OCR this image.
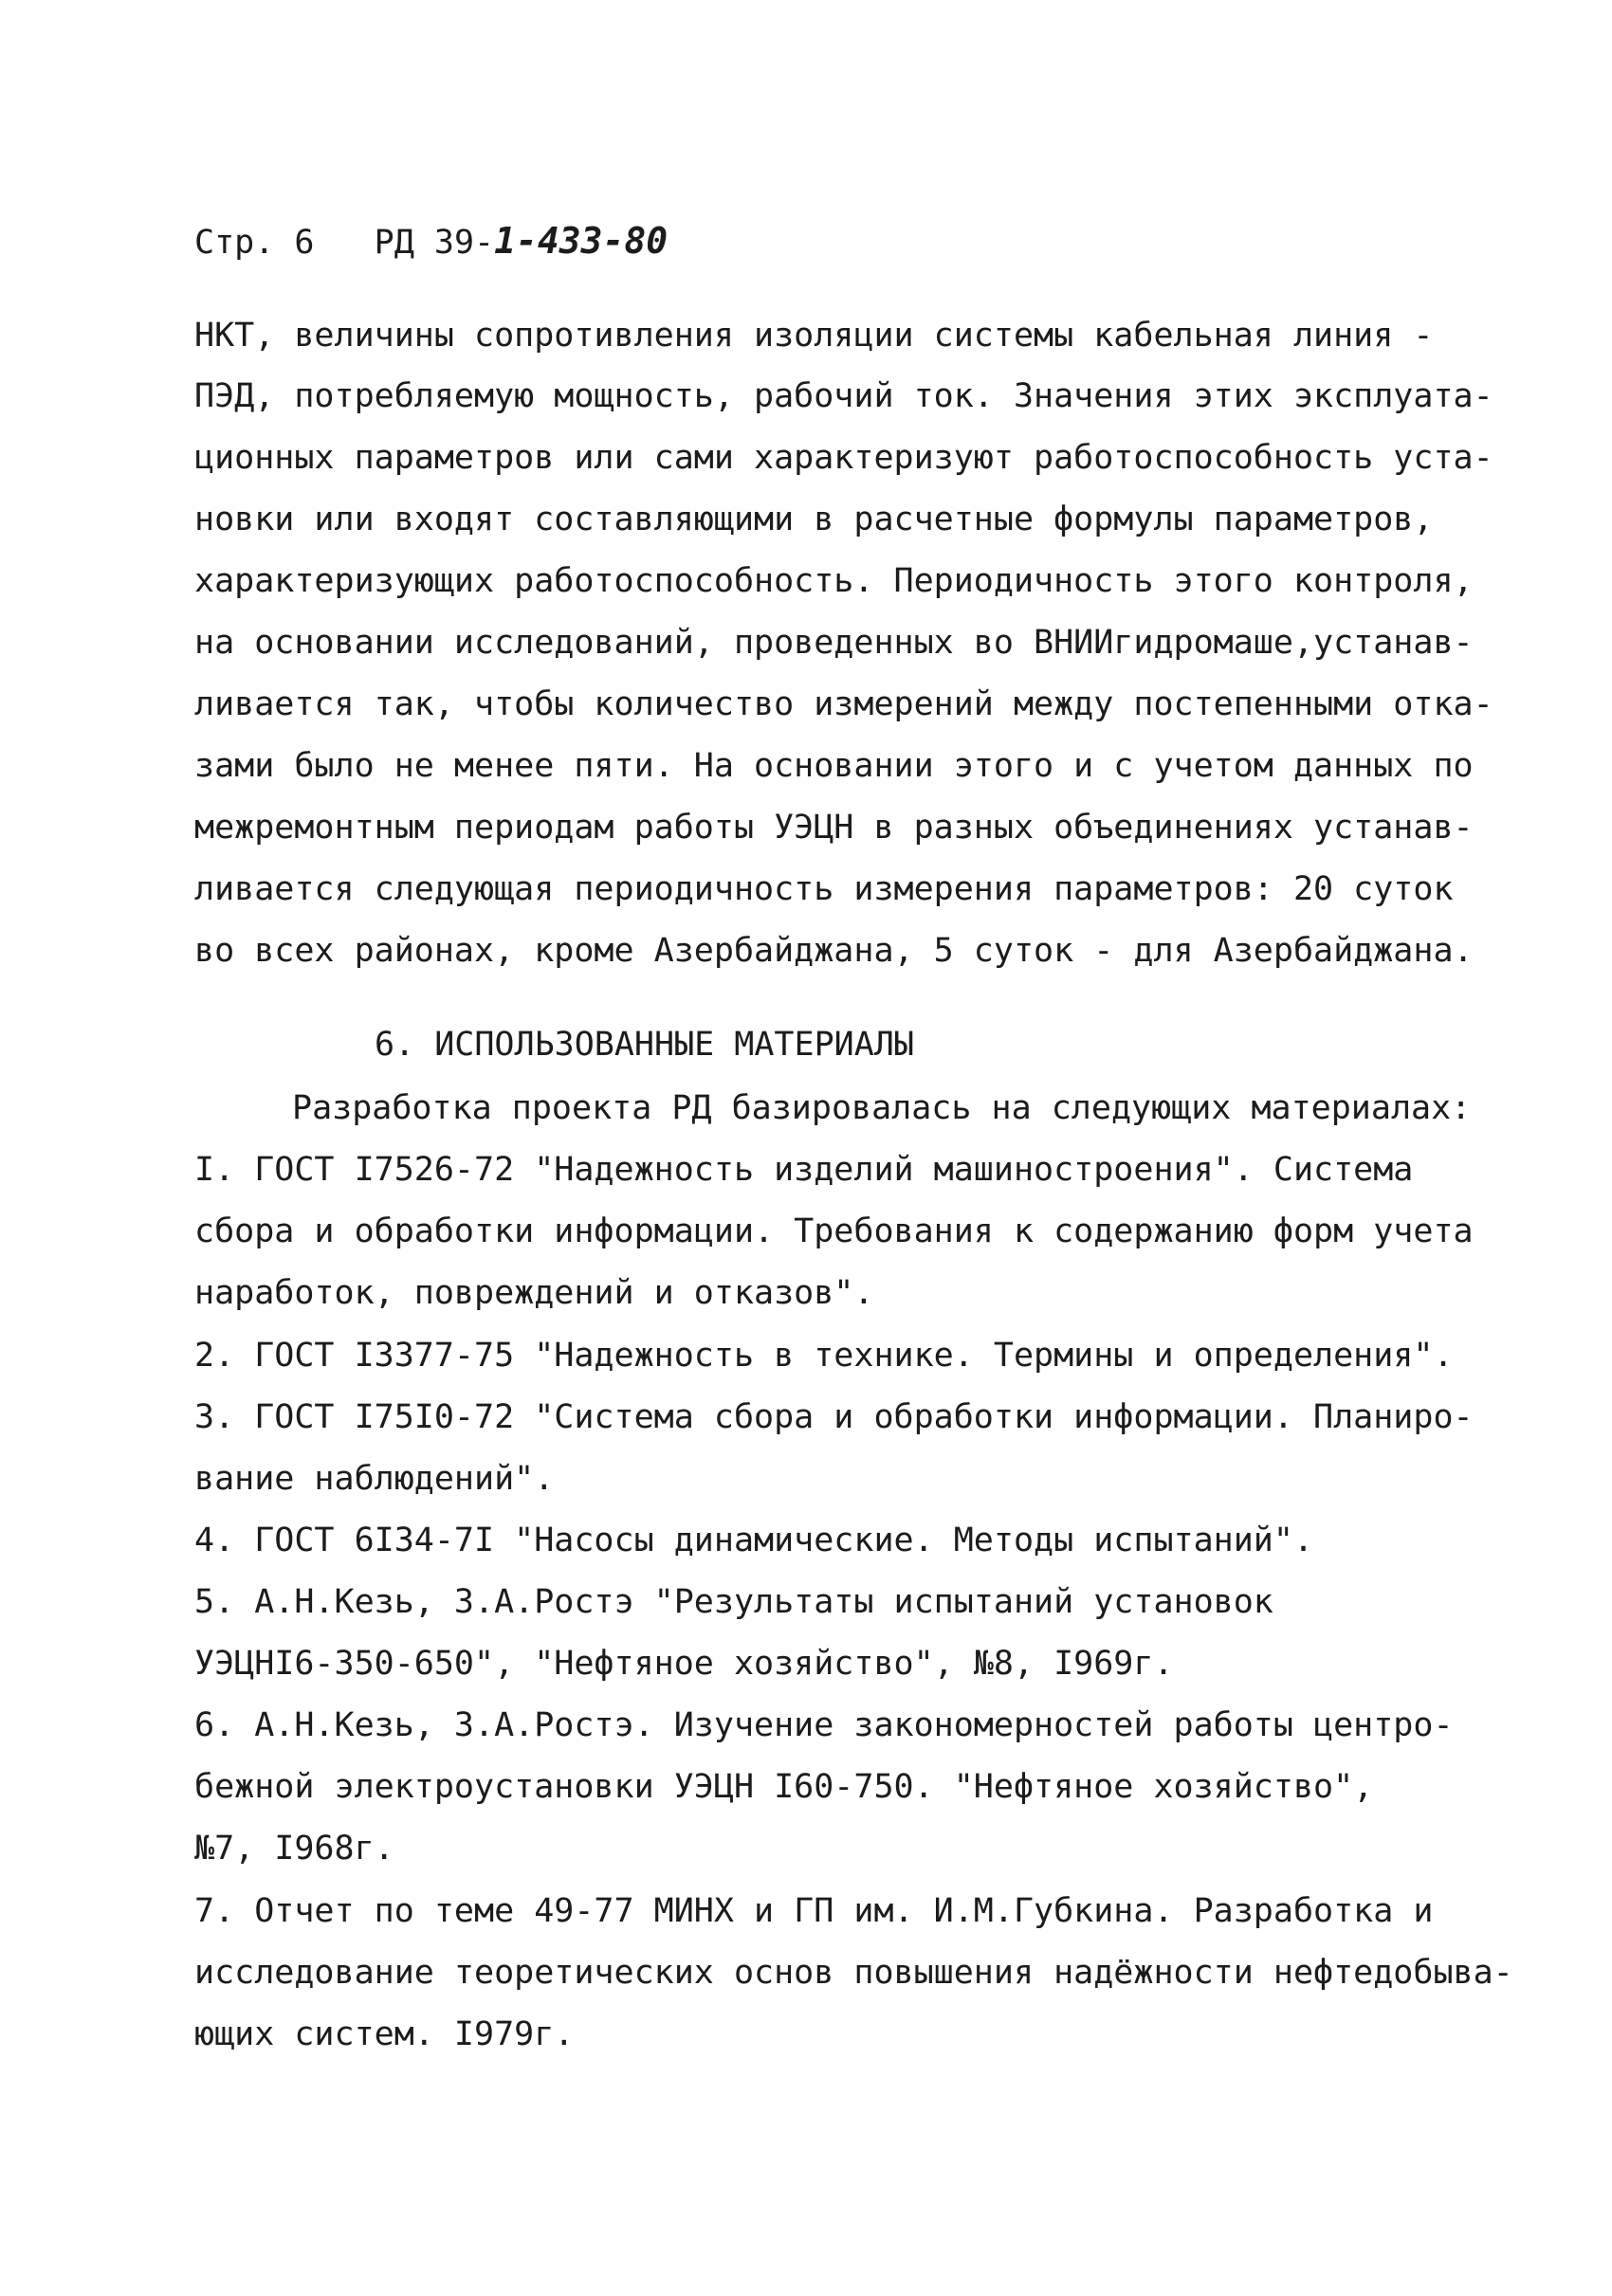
Стр. 6 РД 39-1-433-80
НКТ, величины сопротивления изоляции системы кабельная линия -
ПЭД, потребляемую мощность, рабочий ток. Значения этих эксплуата-
ционных параметров или сами характеризуют работоспособность уста-
новки или входят составляющими в расчетные формулы параметров,
характеризующих работоспособность. Периодичность этого контроля,
на основании исследований, проведенных во ВНИИгидромаше,устанав-
ливается так, чтобы количество измерений между постепенными отка-
зами было не менее пяти. На основании этого и с учетом данных по
межремонтным периодам работы УЭЦН в разных объединениях устанав-
ливается следующая периодичность измерения параметров: 20 суток
во всех районах, кроме Азербайджана, 5 суток - для Азербайджана.
6. ИСПОЛЬЗОВАННЫЕ МАТЕРИАЛЫ
Разработка проекта РД базировалась на следующих материалах:
I. ГОСТ I7526-72 "Надежность изделий машиностроения". Система
сбора и обработки информации. Требования к содержанию форм учета
наработок, повреждений и отказов".
2. ГОСТ I3377-75 "Надежность в технике. Термины и определения".
3. ГОСТ I75I0-72 "Система сбора и обработки информации. Планиро-
вание наблюдений".
4. ГОСТ 6I34-7I "Насосы динамические. Методы испытаний".
5. А.Н.Кезь, З.А.Ростэ "Результаты испытаний установок
УЭЦНI6-350-650", "Нефтяное хозяйство", №8, I969г.
6. А.Н.Кезь, З.А.Ростэ. Изучение закономерностей работы центро-
бежной электроустановки УЭЦН I60-750. "Нефтяное хозяйство",
№7, I968г.
7. Отчет по теме 49-77 МИНХ и ГП им. И.М.Губкина. Разработка и
исследование теоретических основ повышения надёжности нефтедобыва-
ющих систем. I979г.
